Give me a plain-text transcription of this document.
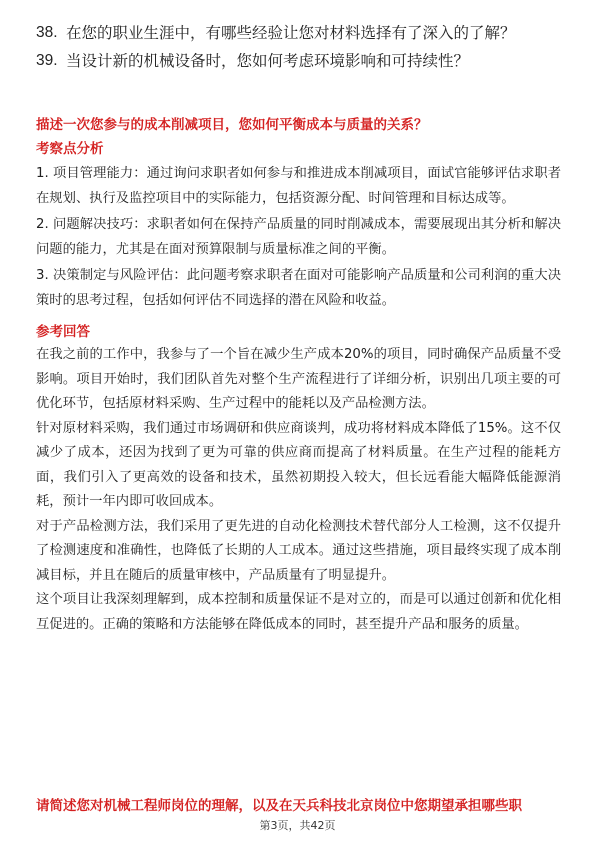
38. 在您的职业生涯中，有哪些经验让您对材料选择有了深入的了解？
39. 当设计新的机械设备时，您如何考虑环境影响和可持续性？
描述一次您参与的成本削减项目，您如何平衡成本与质量的关系？
考察点分析
1. 项目管理能力：通过询问求职者如何参与和推进成本削减项目，面试官能够评估求职者在规划、执行及监控项目中的实际能力，包括资源分配、时间管理和目标达成等。
2. 问题解决技巧：求职者如何在保持产品质量的同时削减成本，需要展现出其分析和解决问题的能力，尤其是在面对预算限制与质量标准之间的平衡。
3. 决策制定与风险评估：此问题考察求职者在面对可能影响产品质量和公司利润的重大决策时的思考过程，包括如何评估不同选择的潜在风险和收益。
参考回答
在我之前的工作中，我参与了一个旨在减少生产成本20%的项目，同时确保产品质量不受影响。项目开始时，我们团队首先对整个生产流程进行了详细分析，识别出几项主要的可优化环节，包括原材料采购、生产过程中的能耗以及产品检测方法。
针对原材料采购，我们通过市场调研和供应商谈判，成功将材料成本降低了15%。这不仅减少了成本，还因为找到了更为可靠的供应商而提高了材料质量。在生产过程的能耗方面，我们引入了更高效的设备和技术，虽然初期投入较大，但长远看能大幅降低能源消耗，预计一年内即可收回成本。
对于产品检测方法，我们采用了更先进的自动化检测技术替代部分人工检测，这不仅提升了检测速度和准确性，也降低了长期的人工成本。通过这些措施，项目最终实现了成本削减目标，并且在随后的质量审核中，产品质量有了明显提升。
这个项目让我深刻理解到，成本控制和质量保证不是对立的，而是可以通过创新和优化相互促进的。正确的策略和方法能够在降低成本的同时，甚至提升产品和服务的质量。
请简述您对机械工程师岗位的理解，以及在天兵科技北京岗位中您期望承担哪些职
第3页，共42页
